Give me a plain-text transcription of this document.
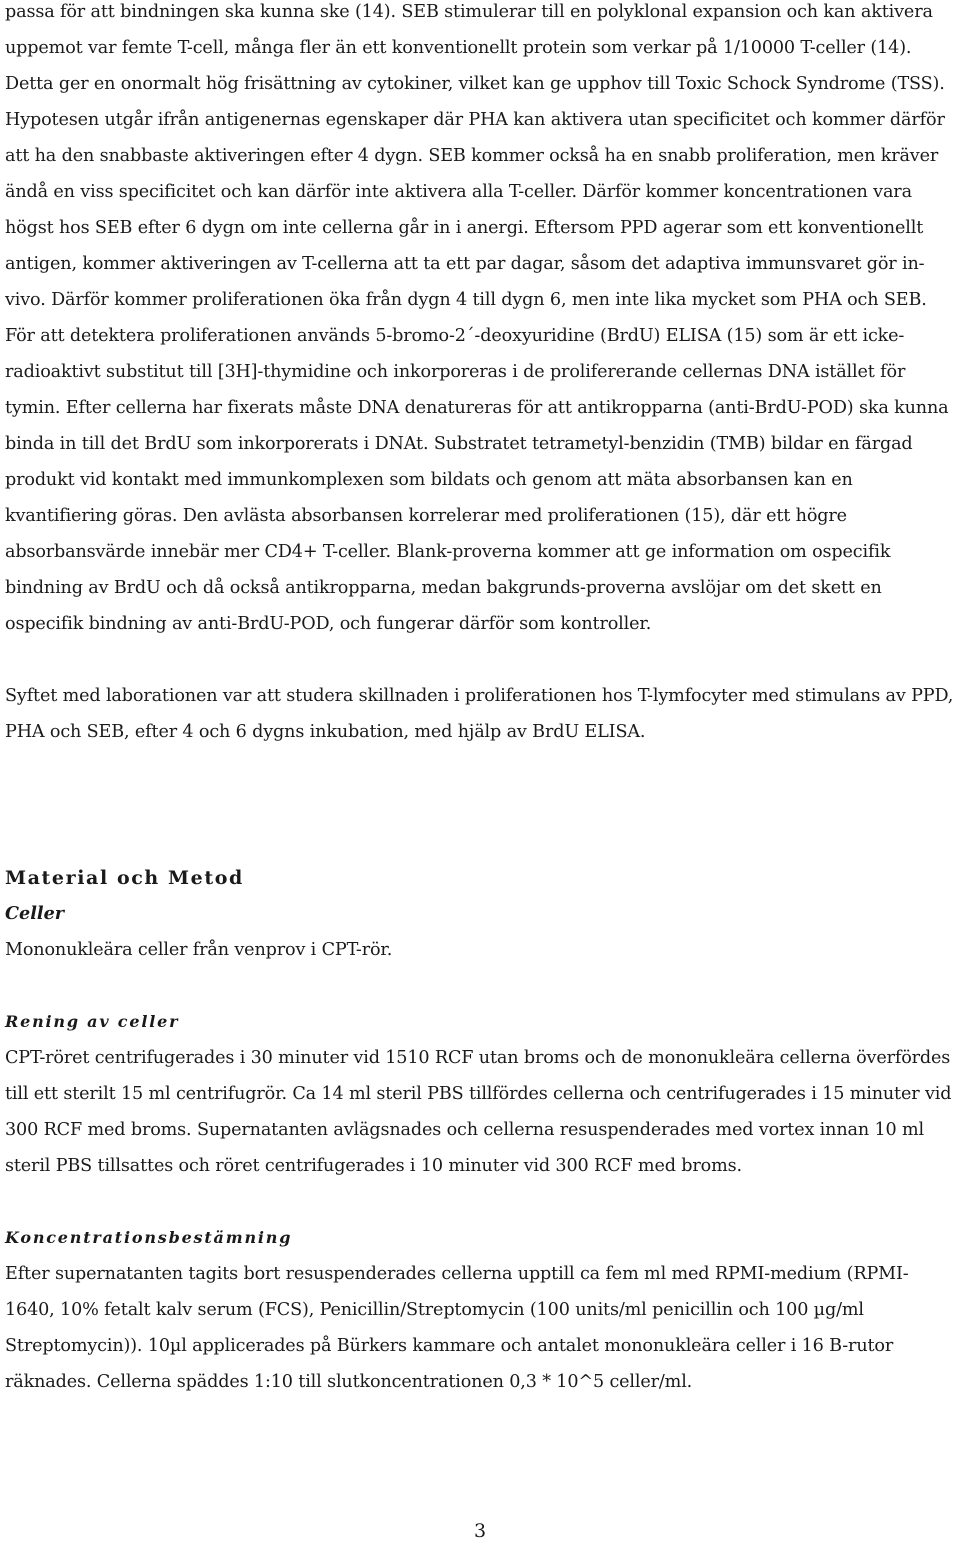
passa för att bindningen ska kunna ske (14). SEB stimulerar till en polyklonal expansion och kan aktivera uppemot var femte T-cell, många fler än ett konventionellt protein som verkar på 1/10000 T-celler (14). Detta ger en onormalt hög frisättning av cytokiner, vilket kan ge upphov till Toxic Schock Syndrome (TSS).

Hypotesen utgår ifrån antigenernas egenskaper där PHA kan aktivera utan specificitet och kommer därför att ha den snabbaste aktiveringen efter 4 dygn. SEB kommer också ha en snabb proliferation, men kräver ändå en viss specificitet och kan därför inte aktivera alla T-celler. Därför kommer koncentrationen vara högst hos SEB efter 6 dygn om inte cellerna går in i anergi. Eftersom PPD agerar som ett konventionellt antigen, kommer aktiveringen av T-cellerna att ta ett par dagar, såsom det adaptiva immunsvaret gör in-vivo. Därför kommer proliferationen öka från dygn 4 till dygn 6, men inte lika mycket som PHA och SEB.

För att detektera proliferationen används 5-bromo-2´-deoxyuridine (BrdU) ELISA (15) som är ett icke-radioaktivt substitut till [3H]-thymidine och inkorporeras i de prolifererande cellernas DNA istället för tymin. Efter cellerna har fixerats måste DNA denatureras för att antikropparna (anti-BrdU-POD) ska kunna binda in till det BrdU som inkorporerats i DNAt. Substratet tetrametyl-benzidin (TMB) bildar en färgad produkt vid kontakt med immunkomplexen som bildats och genom att mäta absorbansen kan en kvantifiering göras. Den avlästa absorbansen korrelerar med proliferationen (15), där ett högre absorbansvärde innebär mer CD4+ T-celler. Blank-proverna kommer att ge information om ospecifik bindning av BrdU och då också antikropparna, medan bakgrunds-proverna avslöjar om det skett en ospecifik bindning av anti-BrdU-POD, och fungerar därför som kontroller.

Syftet med laborationen var att studera skillnaden i proliferationen hos T-lymfocyter med stimulans av PPD, PHA och SEB, efter 4 och 6 dygns inkubation, med hjälp av BrdU ELISA.

Material och Metod
Celler

Mononukleära celler från venprov i CPT-rör.

Rening av celler

CPT-röret centrifugerades i 30 minuter vid 1510 RCF utan broms och de mononukleära cellerna överfördes till ett sterilt 15 ml centrifugrör. Ca 14 ml steril PBS tillfördes cellerna och centrifugerades i 15 minuter vid 300 RCF med broms. Supernatanten avlägsnades och cellerna resuspenderades med vortex innan 10 ml steril PBS tillsattes och röret centrifugerades i 10 minuter vid 300 RCF med broms.

Koncentrationsbestämning

Efter supernatanten tagits bort resuspenderades cellerna upptill ca fem ml med RPMI-medium (RPMI-1640, 10% fetalt kalv serum (FCS), Penicillin/Streptomycin (100 units/ml penicillin och 100 µg/ml Streptomycin)). 10µl applicerades på Bürkers kammare och antalet mononukleära celler i 16 B-rutor räknades. Cellerna späddes 1:10 till slutkoncentrationen 0,3 * 10^5 celler/ml.

3
